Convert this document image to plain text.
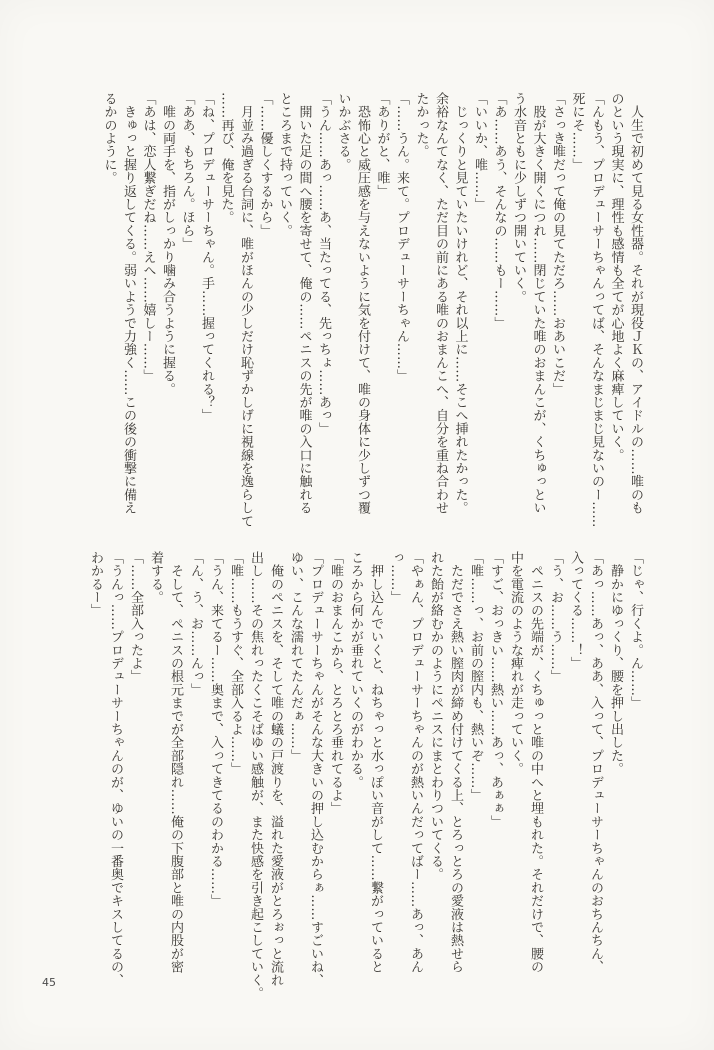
　人生で初めて見る女性器。それが現役ＪＫの、アイドルの……唯のも
のという現実に、理性も感情も全てが心地よく麻痺していく。
「んもう、プロデューサーちゃんってば、そんなまじまじ見ないのー……
死にそ……」
「さっき唯だって俺の見てただろ……おあいこだ」
　股が大きく開くにつれ……閉じていた唯のおまんこが、くちゅっとい
う水音ともに少しずつ開いていく。
「あ……あう、そんなの……もー……」
「いいか、唯……」
　じっくりと見ていたいけれど、それ以上に……そこへ挿れたかった。
余裕なんてなく、ただ目の前にある唯のおまんこへ、自分を重ね合わせ
たかった。
「……うん。来て。プロデューサーちゃん……」
「ありがと、唯」
　恐怖心と威圧感を与えないように気を付けて、唯の身体に少しずつ覆
いかぶさる。
「うん……あっ……あ、当たってる、先っちょ……あっ」
　開いた足の間へ腰を寄せて、俺の……ペニスの先が唯の入口に触れる
ところまで持っていく。
「……優しくするから」
　月並み過ぎる台詞に、唯がほんの少しだけ恥ずかしげに視線を逸らして
……再び、俺を見た。
「ね、プロデューサーちゃん。手……握ってくれる？」
「ああ、もちろん。ほら」
　唯の両手を、指がしっかり噛み合うように握る。
「あは、恋人繋ぎだね……えへ……嬉しー……」
　きゅっと握り返してくる。弱いようで力強く……この後の衝撃に備え
るかのように。
「じゃ、行くよ。ん……」
　静かにゆっくり、腰を押し出した。
「あっ……あっ、ああ、入って、プロデューサーちゃんのおちんちん、
入ってくる……！」
「う、お……う……」
　ペニスの先端が、くちゅっと唯の中へと埋もれた。それだけで、腰の
中を電流のような痺れが走っていく。
「すご、おっきい……熱い……あっ、あぁぁ」
「唯……っ、お前の膣内も、熱いぞ……」
　ただでさえ熱い膣肉が締め付けてくる上、とろっとろの愛液は熱せら
れた飴が絡むかのようにペニスにまとわりついてくる。
「やぁん、プロデューサーちゃんのが熱いんだってばー……あっ、あん
っ……」
　押し込んでいくと、ねちゃっと水っぽい音がして……繋がっていると
ころから何かが垂れていくのがわかる。
「唯のおまんこから、とろとろ垂れてるよ」
「プロデューサーちゃんがそんな大きいの押し込むからぁ……すごいね、
ゆい、こんな濡れてたんだぁ……」
　俺のペニスを、そして唯の蟻の戸渡りを、溢れた愛液がとろぉっと流れ
出し……その焦れったくこそばゆい感触が、また快感を引き起こしていく。
「唯……もうすぐ、全部入るよ……」
「うん、来てるー……奥まで、入ってきてるのわかる……」
「ん、う、お……んっ」
　そして、ペニスの根元までが全部隠れ……俺の下腹部と唯の内股が密
着する。
「……全部入ったよ」
「うんっ……プロデューサーちゃんのが、ゆいの一番奥でキスしてるの、
わかるー」
45
